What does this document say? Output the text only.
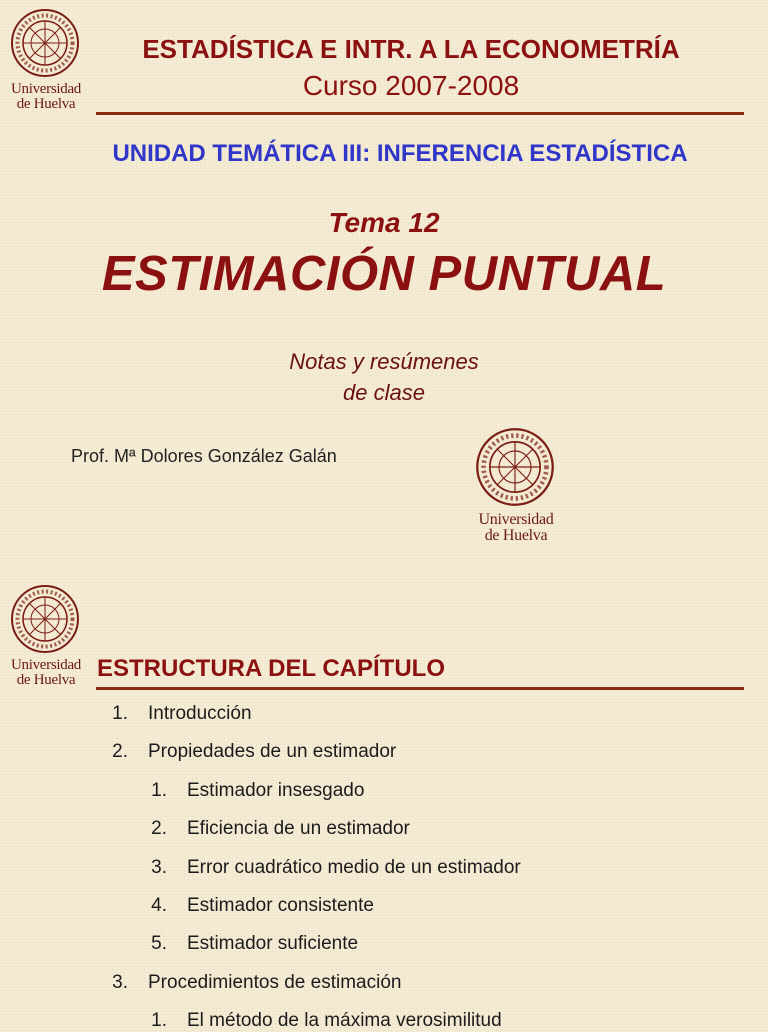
Universidad
de Huelva
ESTADÍSTICA E INTR. A LA ECONOMETRÍA
Curso 2007-2008
UNIDAD TEMÁTICA III: INFERENCIA ESTADÍSTICA
Tema 12
ESTIMACIÓN PUNTUAL
Notas y resúmenes
de clase
Prof. Mª Dolores González Galán
Universidad
de Huelva
Universidad
de Huelva ESTRUCTURA DEL CAPÍTULO
1. Introducción
2. Propiedades de un estimador
1. Estimador insesgado
2. Eficiencia de un estimador
3. Error cuadrático medio de un estimador
4. Estimador consistente
5. Estimador suficiente
3. Procedimientos de estimación
1. El método de la máxima verosimilitud
